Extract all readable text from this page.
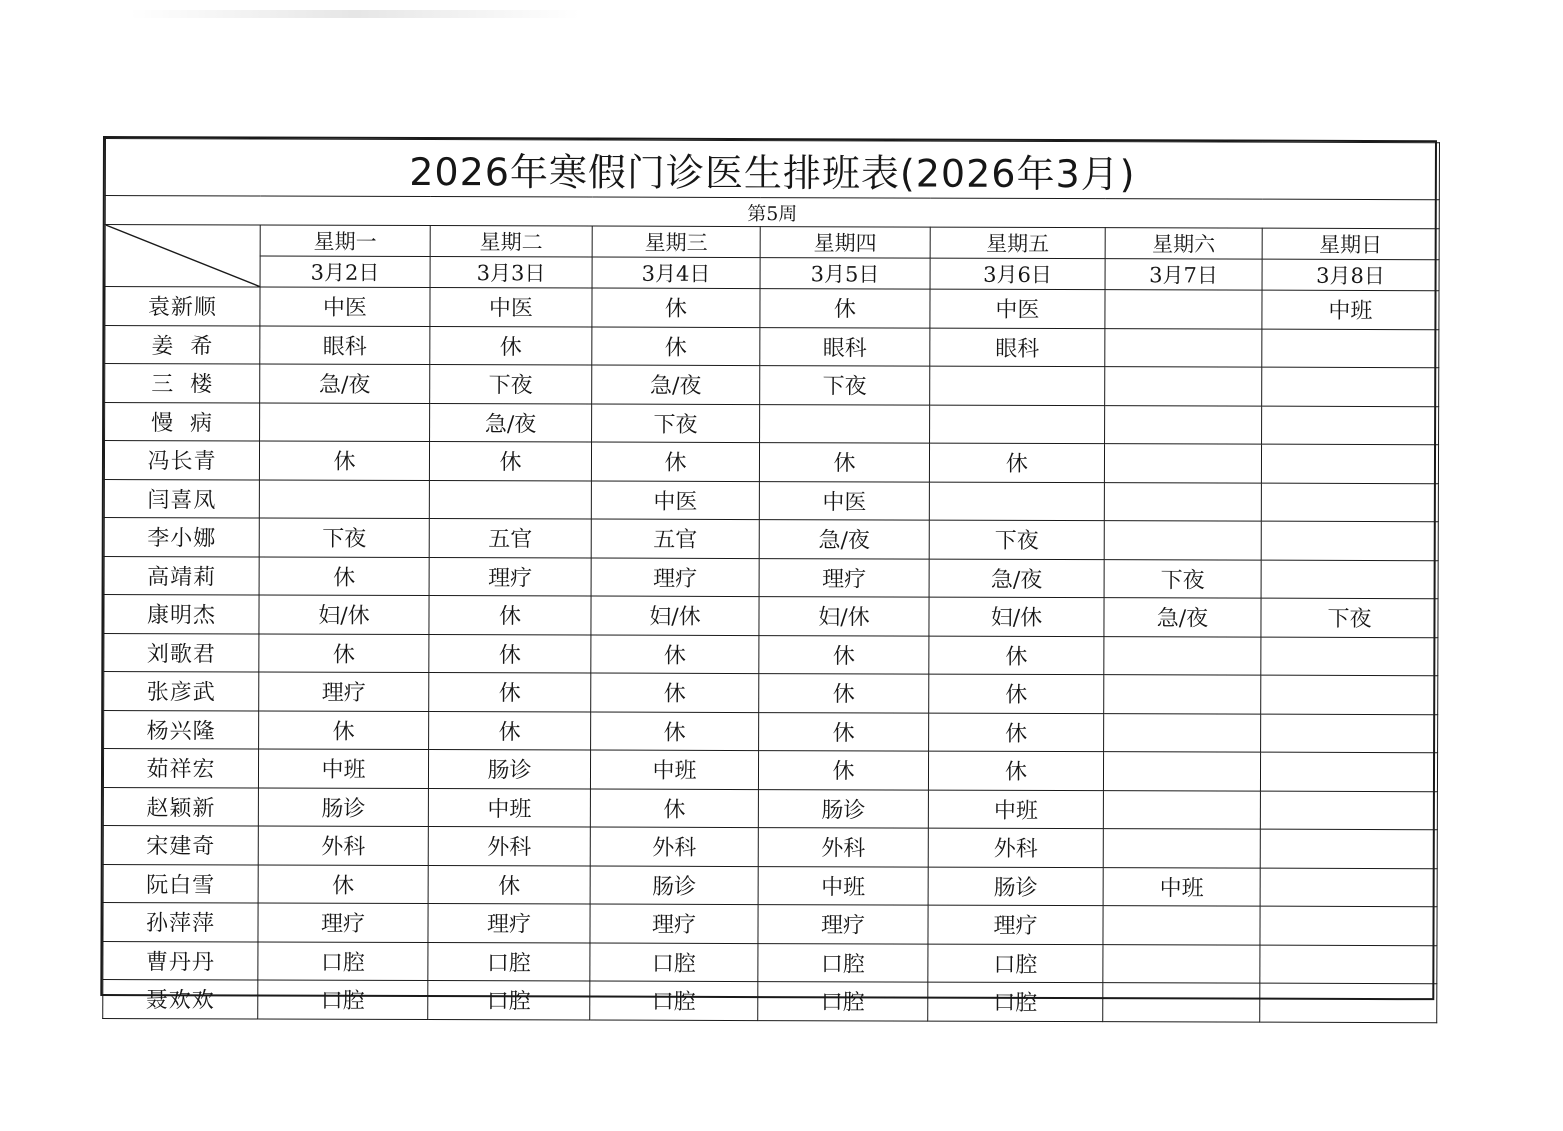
2026年寒假门诊医生排班表(2026年3月)							
第5周							

	星期一	星期二	星期三	星期四	星期五	星期六	星期日
	3月2日	3月3日	3月4日	3月5日	3月6日	3月7日	3月8日
袁新顺	中医	中医	休	休	中医		中班
姜  希	眼科	休	休	眼科	眼科		
三  楼	急/夜	下夜	急/夜	下夜			
慢  病		急/夜	下夜				
冯长青	休	休	休	休	休		
闫喜凤			中医	中医			
李小娜	下夜	五官	五官	急/夜	下夜		
高靖莉	休	理疗	理疗	理疗	急/夜	下夜	
康明杰	妇/休	休	妇/休	妇/休	妇/休	急/夜	下夜
刘歌君	休	休	休	休	休		
张彦武	理疗	休	休	休	休		
杨兴隆	休	休	休	休	休		
茹祥宏	中班	肠诊	中班	休	休		
赵颖新	肠诊	中班	休	肠诊	中班		
宋建奇	外科	外科	外科	外科	外科		
阮白雪	休	休	肠诊	中班	肠诊	中班	
孙萍萍	理疗	理疗	理疗	理疗	理疗		
曹丹丹	口腔	口腔	口腔	口腔	口腔		
聂欢欢	口腔	口腔	口腔	口腔	口腔		
